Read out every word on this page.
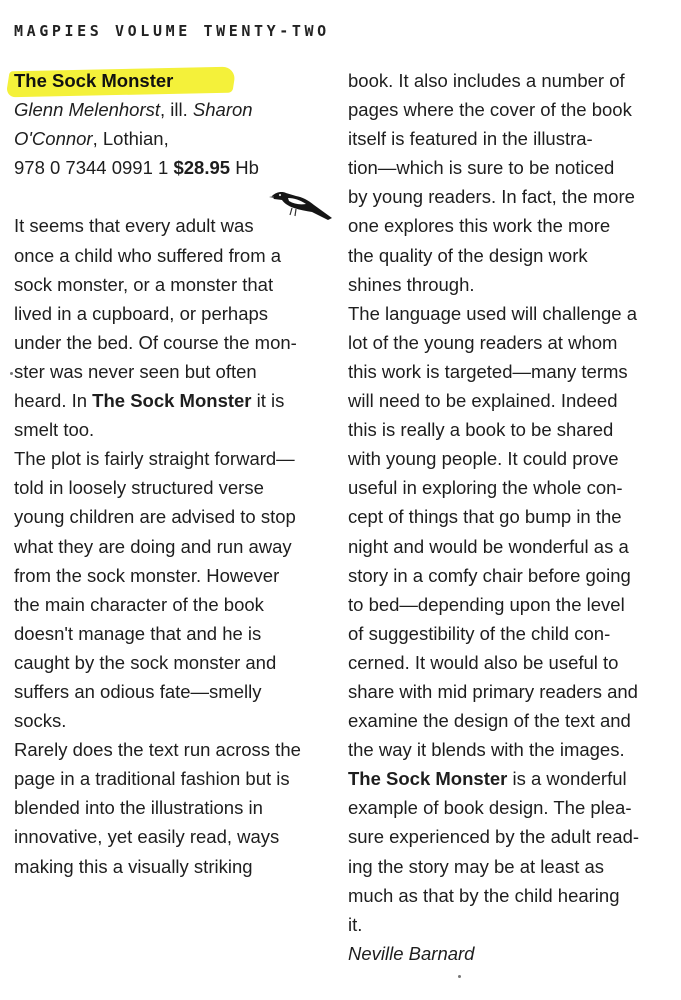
MAGPIES VOLUME TWENTY-TWO
The Sock Monster
Glenn Melenhorst, ill. Sharon
O'Connor, Lothian,
978 0 7344 0991 1 $28.95 Hb
It seems that every adult was
once a child who suffered from a
sock monster, or a monster that
lived in a cupboard, or perhaps
under the bed. Of course the mon-
ster was never seen but often
heard. In The Sock Monster it is
smelt too.
The plot is fairly straight forward—
told in loosely structured verse
young children are advised to stop
what they are doing and run away
from the sock monster. However
the main character of the book
doesn't manage that and he is
caught by the sock monster and
suffers an odious fate—smelly
socks.
Rarely does the text run across the
page in a traditional fashion but is
blended into the illustrations in
innovative, yet easily read, ways
making this a visually striking
book. It also includes a number of
pages where the cover of the book
itself is featured in the illustra-
tion—which is sure to be noticed
by young readers. In fact, the more
one explores this work the more
the quality of the design work
shines through.
The language used will challenge a
lot of the young readers at whom
this work is targeted—many terms
will need to be explained. Indeed
this is really a book to be shared
with young people. It could prove
useful in exploring the whole con-
cept of things that go bump in the
night and would be wonderful as a
story in a comfy chair before going
to bed—depending upon the level
of suggestibility of the child con-
cerned. It would also be useful to
share with mid primary readers and
examine the design of the text and
the way it blends with the images.
The Sock Monster is a wonderful
example of book design. The plea-
sure experienced by the adult read-
ing the story may be at least as
much as that by the child hearing
it.
Neville Barnard
